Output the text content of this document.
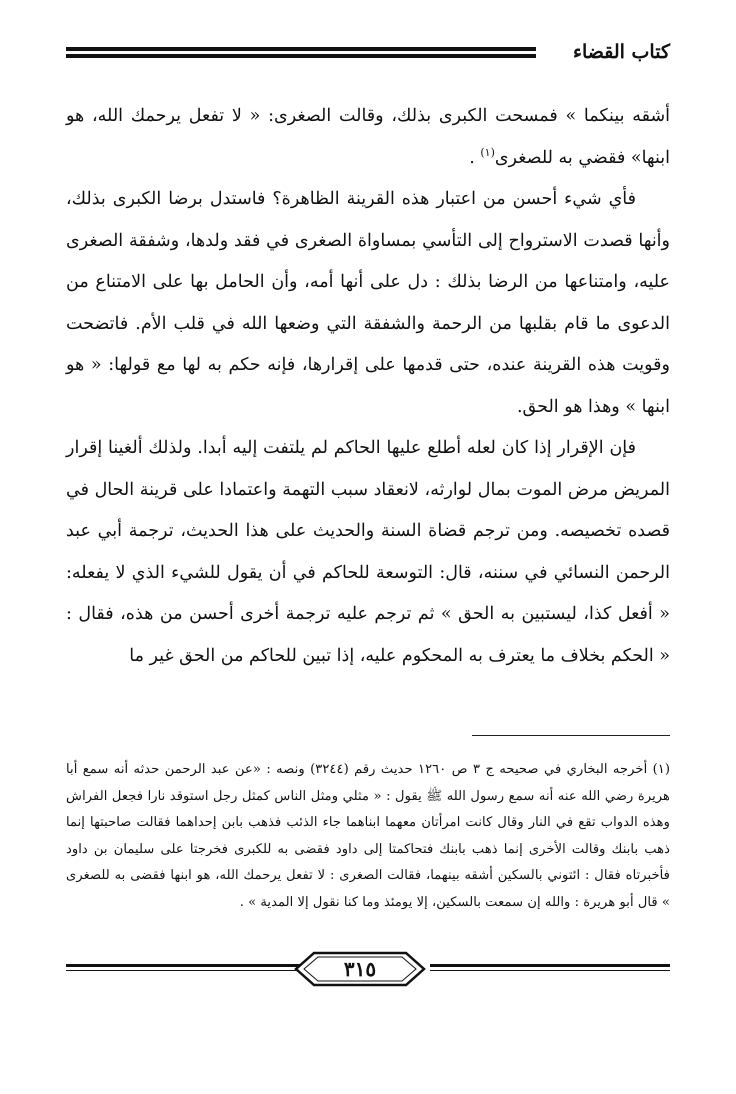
كتاب القضاء

أشقه بينكما » فمسحت الكبرى بذلك، وقالت الصغرى: « لا تفعل يرحمك الله، هو ابنها» فقضي به للصغرى$^{(١)}$ .

فأي شيء أحسن من اعتبار هذه القرينة الظاهرة؟ فاستدل برضا الكبرى بذلك، وأنها قصدت الاسترواح إلى التأسي بمساواة الصغرى في فقد ولدها، وشفقة الصغرى عليه، وامتناعها من الرضا بذلك : دل على أنها أمه، وأن الحامل بها على الامتناع من الدعوى ما قام بقلبها من الرحمة والشفقة التي وضعها الله في قلب الأم. فاتضحت وقويت هذه القرينة عنده، حتى قدمها على إقرارها، فإنه حكم به لها مع قولها: « هو ابنها » وهذا هو الحق.

فإن الإقرار إذا كان لعله أطلع عليها الحاكم لم يلتفت إليه أبدا. ولذلك ألغينا إقرار المريض مرض الموت بمال لوارثه، لانعقاد سبب التهمة واعتمادا على قرينة الحال في قصده تخصيصه. ومن ترجم قضاة السنة والحديث على هذا الحديث، ترجمة أبي عبد الرحمن النسائي في سننه، قال: التوسعة للحاكم في أن يقول للشيء الذي لا يفعله: « أفعل كذا، ليستبين به الحق » ثم ترجم عليه ترجمة أخرى أحسن من هذه، فقال : « الحكم بخلاف ما يعترف به المحكوم عليه، إذا تبين للحاكم من الحق غير ما

(١) أخرجه البخاري في صحيحه ج ٣ ص ١٢٦٠ حديث رقم (٣٢٤٤) ونصه : «عن عبد الرحمن حدثه أنه سمع أبا هريرة رضي الله عنه أنه سمع رسول الله ﷺ يقول : « مثلي ومثل الناس كمثل رجل استوقد نارا فجعل الفراش وهذه الدواب تقع في النار وقال كانت امرأتان معهما ابناهما جاء الذئب فذهب بابن إحداهما فقالت صاحبتها إنما ذهب بابنك وقالت الأخرى إنما ذهب بابنك فتحاكمتا إلى داود فقضى به للكبرى فخرجتا على سليمان بن داود فأخبرتاه فقال : ائتوني بالسكين أشقه بينهما، فقالت الصغرى : لا تفعل يرحمك الله، هو ابنها فقضى به للصغرى » قال أبو هريرة : والله إن سمعت بالسكين، إلا يومئذ وما كنا نقول إلا المدية » .

٣١٥
